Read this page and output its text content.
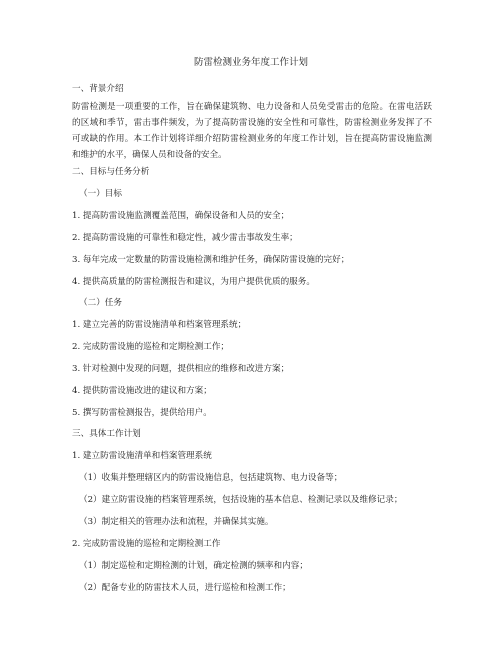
防雷检测业务年度工作计划
一、背景介绍
防雷检测是一项重要的工作，旨在确保建筑物、电力设备和人员免受雷击的危险。在雷电活跃的区域和季节，雷击事件频发，为了提高防雷设施的安全性和可靠性，防雷检测业务发挥了不可或缺的作用。本工作计划将详细介绍防雷检测业务的年度工作计划，旨在提高防雷设施监测和维护的水平，确保人员和设备的安全。
二、目标与任务分析
（一）目标
1. 提高防雷设施监测覆盖范围，确保设备和人员的安全；
2. 提高防雷设施的可靠性和稳定性，减少雷击事故发生率；
3. 每年完成一定数量的防雷设施检测和维护任务，确保防雷设施的完好；
4. 提供高质量的防雷检测报告和建议，为用户提供优质的服务。
（二）任务
1. 建立完善的防雷设施清单和档案管理系统；
2. 完成防雷设施的巡检和定期检测工作；
3. 针对检测中发现的问题，提供相应的维修和改进方案；
4. 提供防雷设施改进的建议和方案；
5. 撰写防雷检测报告，提供给用户。
三、具体工作计划
1. 建立防雷设施清单和档案管理系统
（1）收集并整理辖区内的防雷设施信息，包括建筑物、电力设备等；
（2）建立防雷设施的档案管理系统，包括设施的基本信息、检测记录以及维修记录；
（3）制定相关的管理办法和流程，并确保其实施。
2. 完成防雷设施的巡检和定期检测工作
（1）制定巡检和定期检测的计划，确定检测的频率和内容；
（2）配备专业的防雷技术人员，进行巡检和检测工作；
